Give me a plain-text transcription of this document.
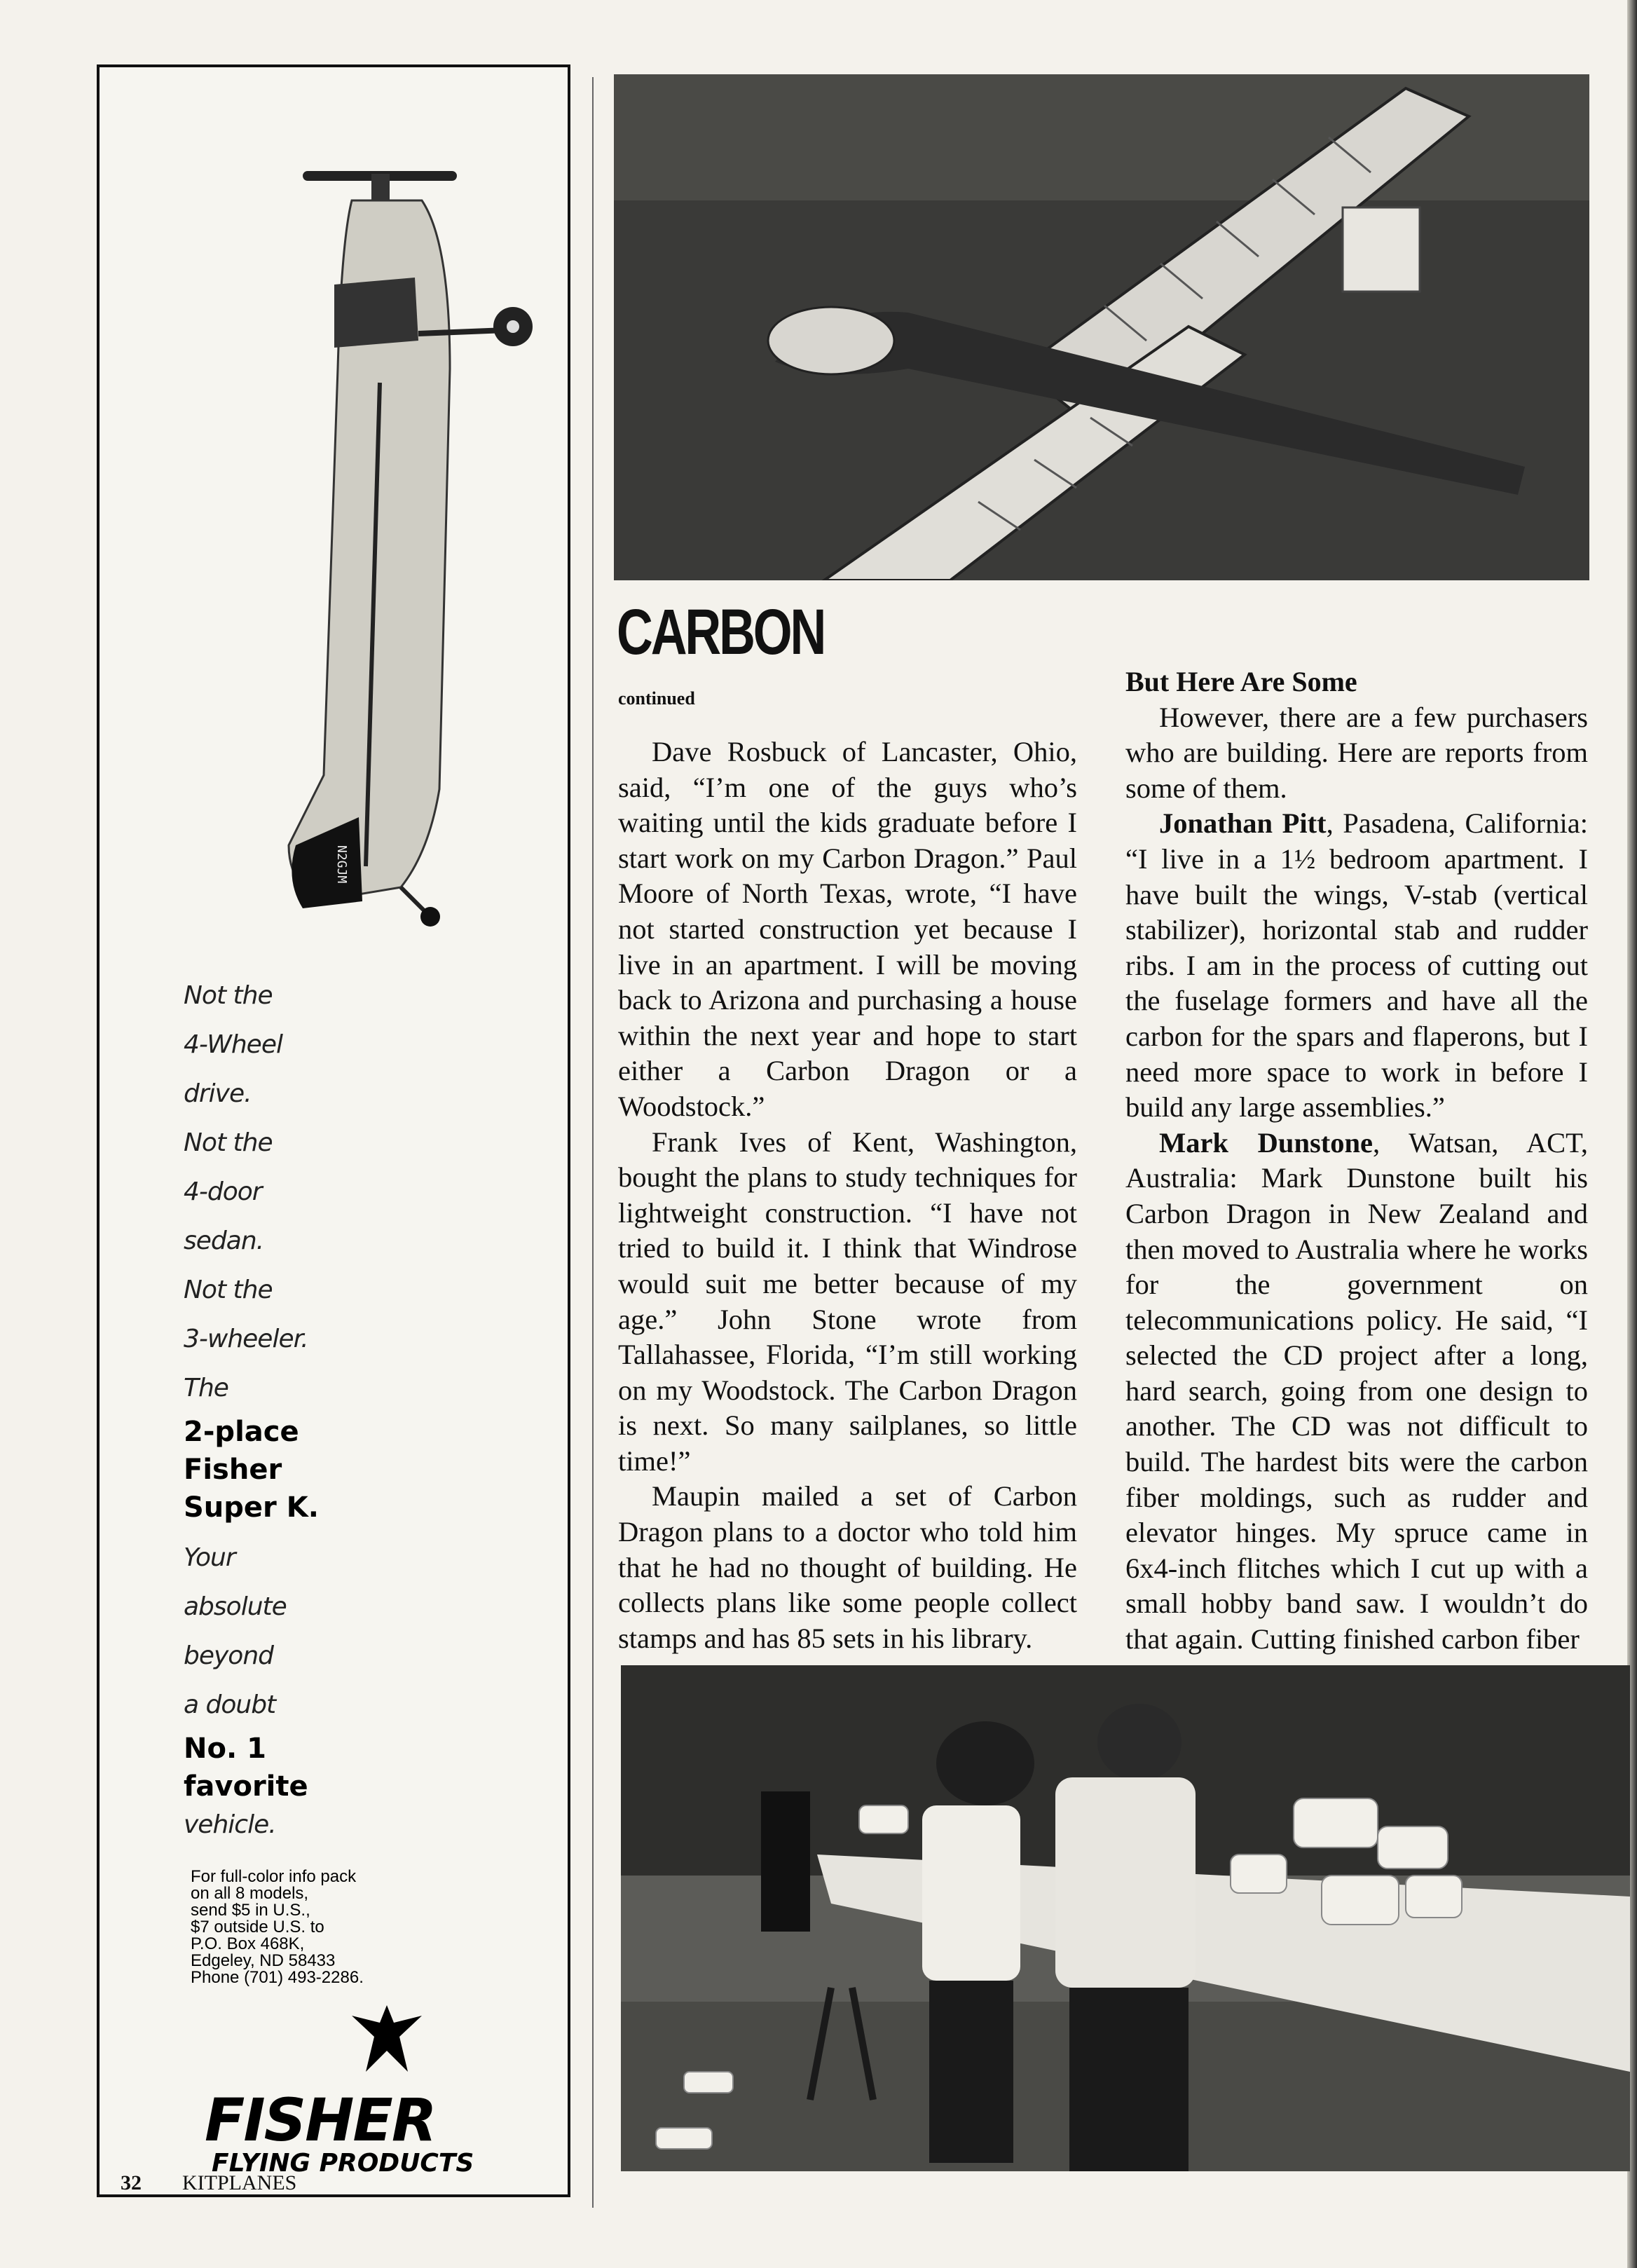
N2GJM
Not the
4-Wheel
drive.
Not the
4-door
sedan.
Not the
3-wheeler.
The
2-place
Fisher
Super K.
Your
absolute
beyond
a doubt
No. 1
favorite
vehicle.
For full-color info pack
on all 8 models,
send $5 in U.S.,
$7 outside U.S. to
P.O. Box 468K,
Edgeley, ND 58433
Phone (701) 493-2286.
FISHER
FLYING PRODUCTS
CARBON
continued

Dave Rosbuck of Lancaster, Ohio, said, “I’m one of the guys who’s waiting until the kids graduate before I start work on my Carbon Dragon.” Paul Moore of North Texas, wrote, “I have not started construction yet because I live in an apartment. I will be moving back to Arizona and purchasing a house within the next year and hope to start either a Carbon Dragon or a Woodstock.”

Frank Ives of Kent, Washington, bought the plans to study techniques for lightweight construction. “I have not tried to build it. I think that Windrose would suit me better because of my age.” John Stone wrote from Tallahassee, Florida, “I’m still working on my Woodstock. The Carbon Dragon is next. So many sailplanes, so little time!”

Maupin mailed a set of Carbon Dragon plans to a doctor who told him that he had no thought of building. He collects plans like some people collect stamps and has 85 sets in his library.

But Here Are Some

However, there are a few purchasers who are building. Here are reports from some of them.

Jonathan Pitt, Pasadena, California: “I live in a 1½ bedroom apartment. I have built the wings, V-stab (vertical stabilizer), horizontal stab and rudder ribs. I am in the process of cutting out the fuselage formers and have all the carbon for the spars and flaperons, but I need more space to work in before I build any large assemblies.”

Mark Dunstone, Watsan, ACT, Australia: Mark Dunstone built his Carbon Dragon in New Zealand and then moved to Australia where he works for the government on telecommunications policy. He said, “I selected the CD project after a long, hard search, going from one design to another. The CD was not difficult to build. The hardest bits were the carbon fiber moldings, such as rudder and elevator hinges. My spruce came in 6x4-inch flitches which I cut up with a small hobby band saw. I wouldn’t do that again. Cutting finished carbon fiber

32 KITPLANES
